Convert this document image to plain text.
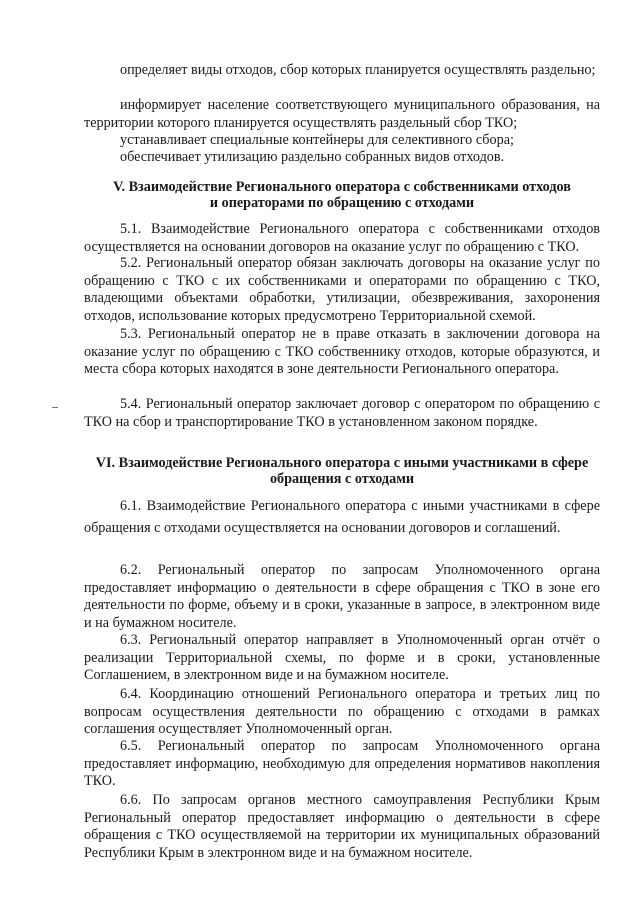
определяет виды отходов, сбор которых планируется осуществлять раздельно;
информирует население соответствующего муниципального образования, на территории которого планируется осуществлять раздельный сбор ТКО;
устанавливает специальные контейнеры для селективного сбора;
обеспечивает утилизацию раздельно собранных видов отходов.
V. Взаимодействие Регионального оператора с собственниками отходов и операторами по обращению с отходами
5.1. Взаимодействие Регионального оператора с собственниками отходов осуществляется на основании договоров на оказание услуг по обращению с ТКО.
5.2. Региональный оператор обязан заключать договоры на оказание услуг по обращению с ТКО с их собственниками и операторами по обращению с ТКО, владеющими объектами обработки, утилизации, обезвреживания, захоронения отходов, использование которых предусмотрено Территориальной схемой.
5.3. Региональный оператор не в праве отказать в заключении договора на оказание услуг по обращению с ТКО собственнику отходов, которые образуются, и места сбора которых находятся в зоне деятельности Регионального оператора.
5.4. Региональный оператор заключает договор с оператором по обращению с ТКО на сбор и транспортирование ТКО в установленном законом порядке.
VI. Взаимодействие Регионального оператора с иными участниками в сфере обращения с отходами
6.1. Взаимодействие Регионального оператора с иными участниками в сфере обращения с отходами осуществляется на основании договоров и соглашений.
6.2. Региональный оператор по запросам Уполномоченного органа предоставляет информацию о деятельности в сфере обращения с ТКО в зоне его деятельности по форме, объему и в сроки, указанные в запросе, в электронном виде и на бумажном носителе.
6.3. Региональный оператор направляет в Уполномоченный орган отчёт о реализации Территориальной схемы, по форме и в сроки, установленные Соглашением, в электронном виде и на бумажном носителе.
6.4. Координацию отношений Регионального оператора и третьих лиц по вопросам осуществления деятельности по обращению с отходами в рамках соглашения осуществляет Уполномоченный орган.
6.5. Региональный оператор по запросам Уполномоченного органа предоставляет информацию, необходимую для определения нормативов накопления ТКО.
6.6. По запросам органов местного самоуправления Республики Крым Региональный оператор предоставляет информацию о деятельности в сфере обращения с ТКО осуществляемой на территории их муниципальных образований Республики Крым в электронном виде и на бумажном носителе.
